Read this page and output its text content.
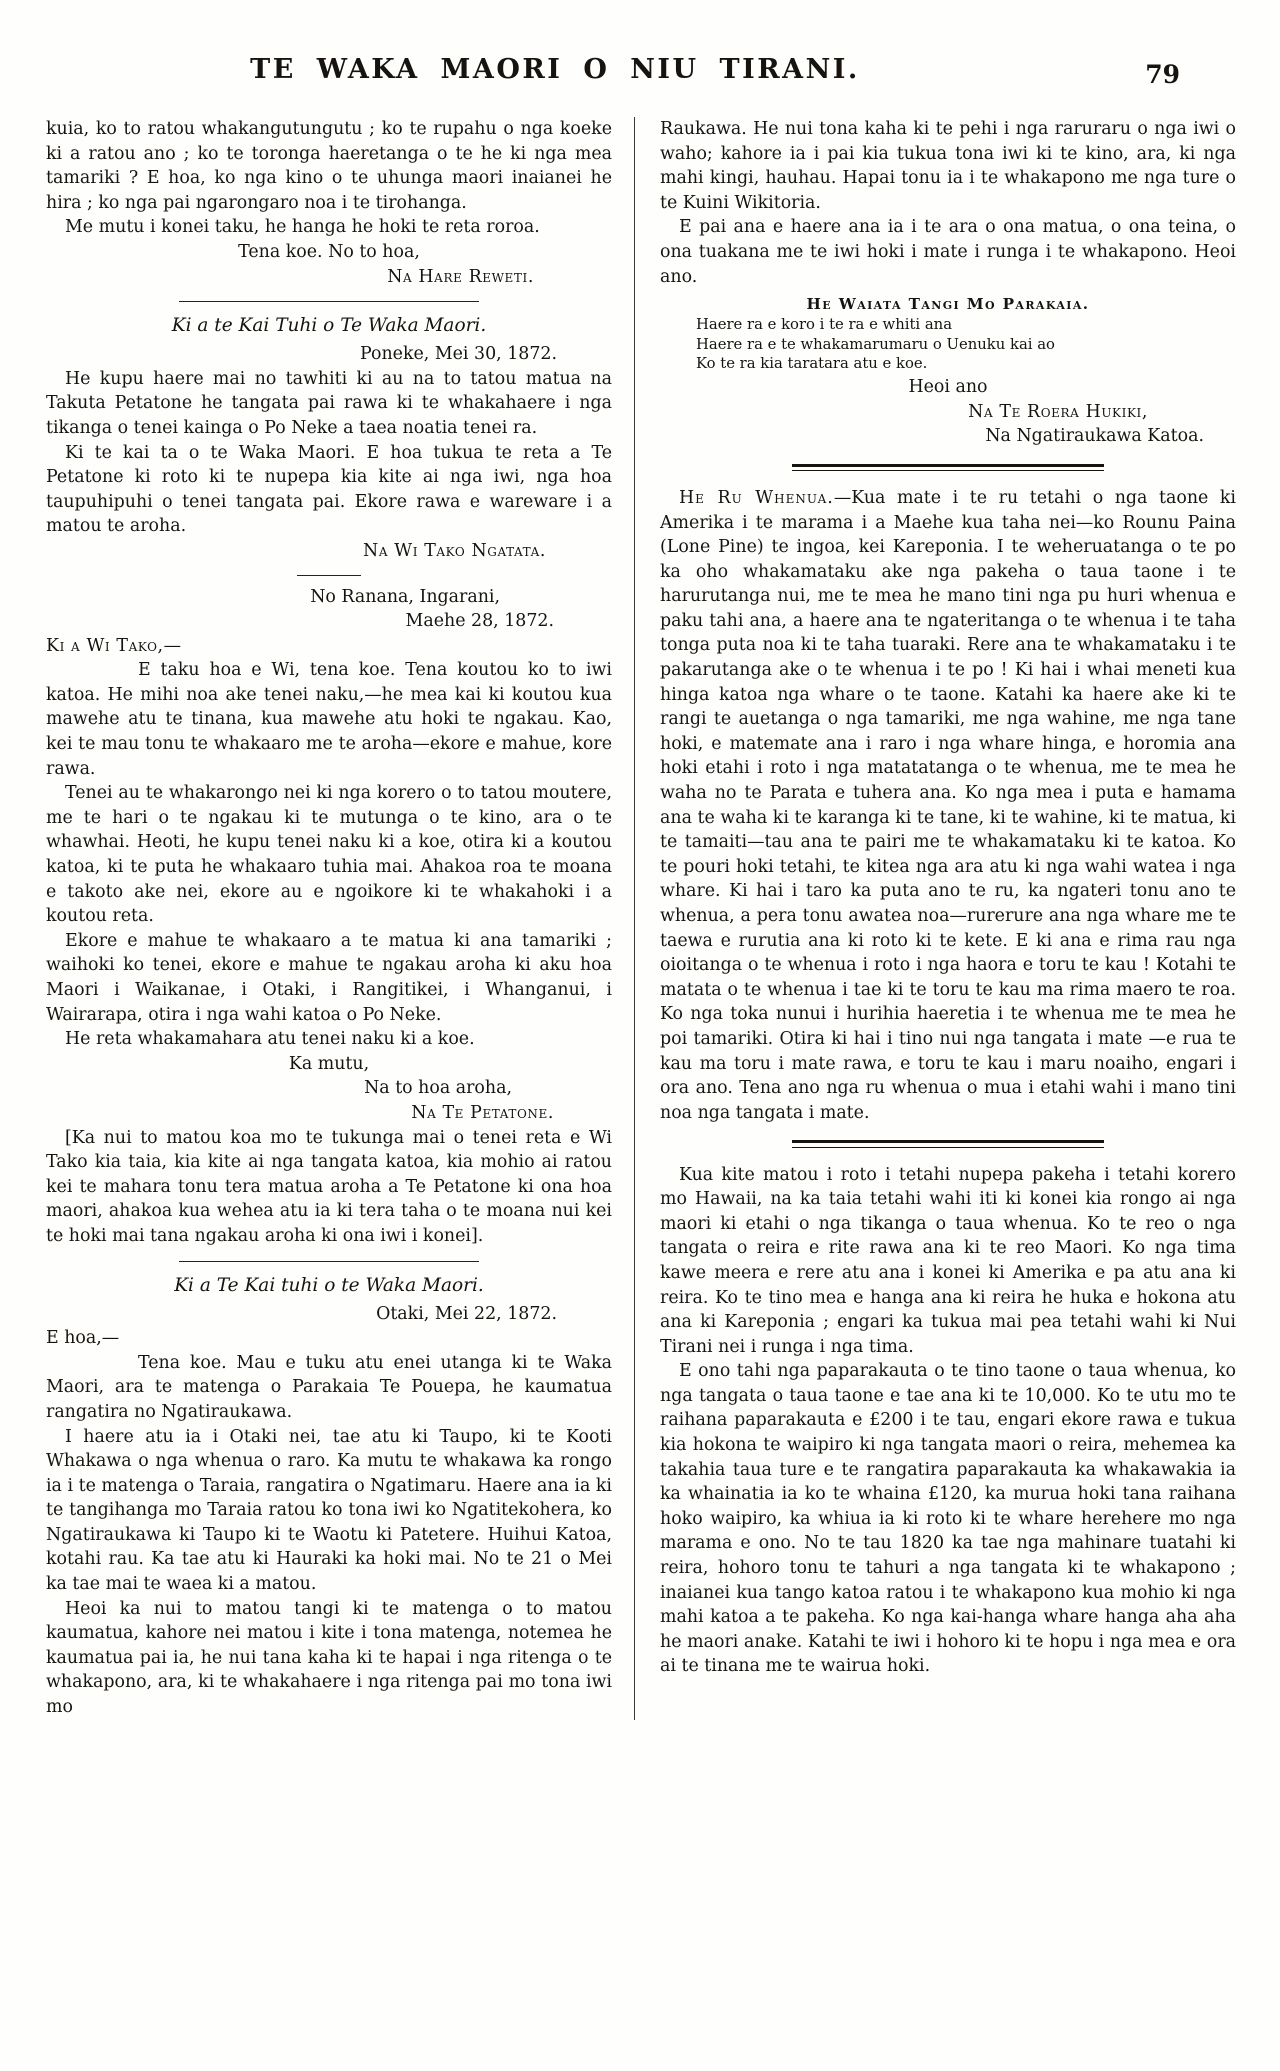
TE WAKA MAORI O NIU TIRANI.	79
kuia, ko to ratou whakangutungutu ; ko te rupahu o nga koeke ki a ratou ano ; ko te toronga haeretanga o te he ki nga mea tamariki ? E hoa, ko nga kino o te uhunga maori inaianei he hira ; ko nga pai ngarongaro noa i te tirohanga.
Me mutu i konei taku, he hanga he hoki te reta roroa.
Tena koe. No to hoa,
Na Hare Reweti.
Ki a te Kai Tuhi o Te Waka Maori.
Poneke, Mei 30, 1872.
He kupu haere mai no tawhiti ki au na to tatou matua na Takuta Petatone he tangata pai rawa ki te whakahaere i nga tikanga o tenei kainga o Po Neke a taea noatia tenei ra.
Ki te kai ta o te Waka Maori. E hoa tukua te reta a Te Petatone ki roto ki te nupepa kia kite ai nga iwi, nga hoa taupuhipuhi o tenei tangata pai. Ekore rawa e wareware i a matou te aroha.
Na Wi Tako Ngatata.
No Ranana, Ingarani,
Maehe 28, 1872.
Ki a Wi Tako,—
E taku hoa e Wi, tena koe. Tena koutou ko to iwi katoa. He mihi noa ake tenei naku,—he mea kai ki koutou kua mawehe atu te tinana, kua mawehe atu hoki te ngakau. Kao, kei te mau tonu te whakaaro me te aroha—ekore e mahue, kore rawa.
Tenei au te whakarongo nei ki nga korero o to tatou moutere, me te hari o te ngakau ki te mutunga o te kino, ara o te whawhai. Heoti, he kupu tenei naku ki a koe, otira ki a koutou katoa, ki te puta he whakaaro tuhia mai. Ahakoa roa te moana e takoto ake nei, ekore au e ngoikore ki te whakahoki i a koutou reta.
Ekore e mahue te whakaaro a te matua ki ana tamariki ; waihoki ko tenei, ekore e mahue te ngakau aroha ki aku hoa Maori i Waikanae, i Otaki, i Rangitikei, i Whanganui, i Wairarapa, otira i nga wahi katoa o Po Neke.
He reta whakamahara atu tenei naku ki a koe.
Ka mutu,
Na to hoa aroha,
Na Te Petatone.
[Ka nui to matou koa mo te tukunga mai o tenei reta e Wi Tako kia taia, kia kite ai nga tangata katoa, kia mohio ai ratou kei te mahara tonu tera matua aroha a Te Petatone ki ona hoa maori, ahakoa kua wehea atu ia ki tera taha o te moana nui kei te hoki mai tana ngakau aroha ki ona iwi i konei].
Ki a Te Kai tuhi o te Waka Maori.
Otaki, Mei 22, 1872.
E hoa,—
Tena koe. Mau e tuku atu enei utanga ki te Waka Maori, ara te matenga o Parakaia Te Pouepa, he kaumatua rangatira no Ngatiraukawa.
I haere atu ia i Otaki nei, tae atu ki Taupo, ki te Kooti Whakawa o nga whenua o raro. Ka mutu te whakawa ka rongo ia i te matenga o Taraia, rangatira o Ngatimaru. Haere ana ia ki te tangihanga mo Taraia ratou ko tona iwi ko Ngatitekohera, ko Ngatiraukawa ki Taupo ki te Waotu ki Patetere. Huihui Katoa, kotahi rau. Ka tae atu ki Hauraki ka hoki mai. No te 21 o Mei ka tae mai te waea ki a matou.
Heoi ka nui to matou tangi ki te matenga o to matou kaumatua, kahore nei matou i kite i tona matenga, notemea he kaumatua pai ia, he nui tana kaha ki te hapai i nga ritenga o te whakapono, ara, ki te whakahaere i nga ritenga pai mo tona iwi mo
Raukawa. He nui tona kaha ki te pehi i nga raruraru o nga iwi o waho; kahore ia i pai kia tukua tona iwi ki te kino, ara, ki nga mahi kingi, hauhau. Hapai tonu ia i te whakapono me nga ture o te Kuini Wikitoria.
E pai ana e haere ana ia i te ara o ona matua, o ona teina, o ona tuakana me te iwi hoki i mate i runga i te whakapono. Heoi ano.
He Waiata Tangi Mo Parakaia.
Haere ra e koro i te ra e whiti ana
Haere ra e te whakamarumaru o Uenuku kai ao
Ko te ra kia taratara atu e koe.
Heoi ano
Na Te Roera Hukiki,
Na Ngatiraukawa Katoa.
He Ru Whenua.—Kua mate i te ru tetahi o nga taone ki Amerika i te marama i a Maehe kua taha nei—ko Rounu Paina (Lone Pine) te ingoa, kei Kareponia. I te weheruatanga o te po ka oho whakamataku ake nga pakeha o taua taone i te harurutanga nui, me te mea he mano tini nga pu huri whenua e paku tahi ana, a haere ana te ngateritanga o te whenua i te taha tonga puta noa ki te taha tuaraki. Rere ana te whakamataku i te pakarutanga ake o te whenua i te po ! Ki hai i whai meneti kua hinga katoa nga whare o te taone. Katahi ka haere ake ki te rangi te auetanga o nga tamariki, me nga wahine, me nga tane hoki, e matemate ana i raro i nga whare hinga, e horomia ana hoki etahi i roto i nga matatatanga o te whenua, me te mea he waha no te Parata e tuhera ana. Ko nga mea i puta e hamama ana te waha ki te karanga ki te tane, ki te wahine, ki te matua, ki te tamaiti—tau ana te pairi me te whakamataku ki te katoa. Ko te pouri hoki tetahi, te kitea nga ara atu ki nga wahi watea i nga whare. Ki hai i taro ka puta ano te ru, ka ngateri tonu ano te whenua, a pera tonu awatea noa—rurerure ana nga whare me te taewa e rurutia ana ki roto ki te kete. E ki ana e rima rau nga oioitanga o te whenua i roto i nga haora e toru te kau ! Kotahi te matata o te whenua i tae ki te toru te kau ma rima maero te roa. Ko nga toka nunui i hurihia haeretia i te whenua me te mea he poi tamariki. Otira ki hai i tino nui nga tangata i mate —e rua te kau ma toru i mate rawa, e toru te kau i maru noaiho, engari i ora ano. Tena ano nga ru whenua o mua i etahi wahi i mano tini noa nga tangata i mate.
Kua kite matou i roto i tetahi nupepa pakeha i tetahi korero mo Hawaii, na ka taia tetahi wahi iti ki konei kia rongo ai nga maori ki etahi o nga tikanga o taua whenua. Ko te reo o nga tangata o reira e rite rawa ana ki te reo Maori. Ko nga tima kawe meera e rere atu ana i konei ki Amerika e pa atu ana ki reira. Ko te tino mea e hanga ana ki reira he huka e hokona atu ana ki Kareponia ; engari ka tukua mai pea tetahi wahi ki Nui Tirani nei i runga i nga tima.
E ono tahi nga paparakauta o te tino taone o taua whenua, ko nga tangata o taua taone e tae ana ki te 10,000. Ko te utu mo te raihana paparakauta e £200 i te tau, engari ekore rawa e tukua kia hokona te waipiro ki nga tangata maori o reira, mehemea ka takahia taua ture e te rangatira paparakauta ka whakawakia ia ka whainatia ia ko te whaina £120, ka murua hoki tana raihana hoko waipiro, ka whiua ia ki roto ki te whare herehere mo nga marama e ono. No te tau 1820 ka tae nga mahinare tuatahi ki reira, hohoro tonu te tahuri a nga tangata ki te whakapono ; inaianei kua tango katoa ratou i te whakapono kua mohio ki nga mahi katoa a te pakeha. Ko nga kai-hanga whare hanga aha aha he maori anake. Katahi te iwi i hohoro ki te hopu i nga mea e ora ai te tinana me te wairua hoki.
